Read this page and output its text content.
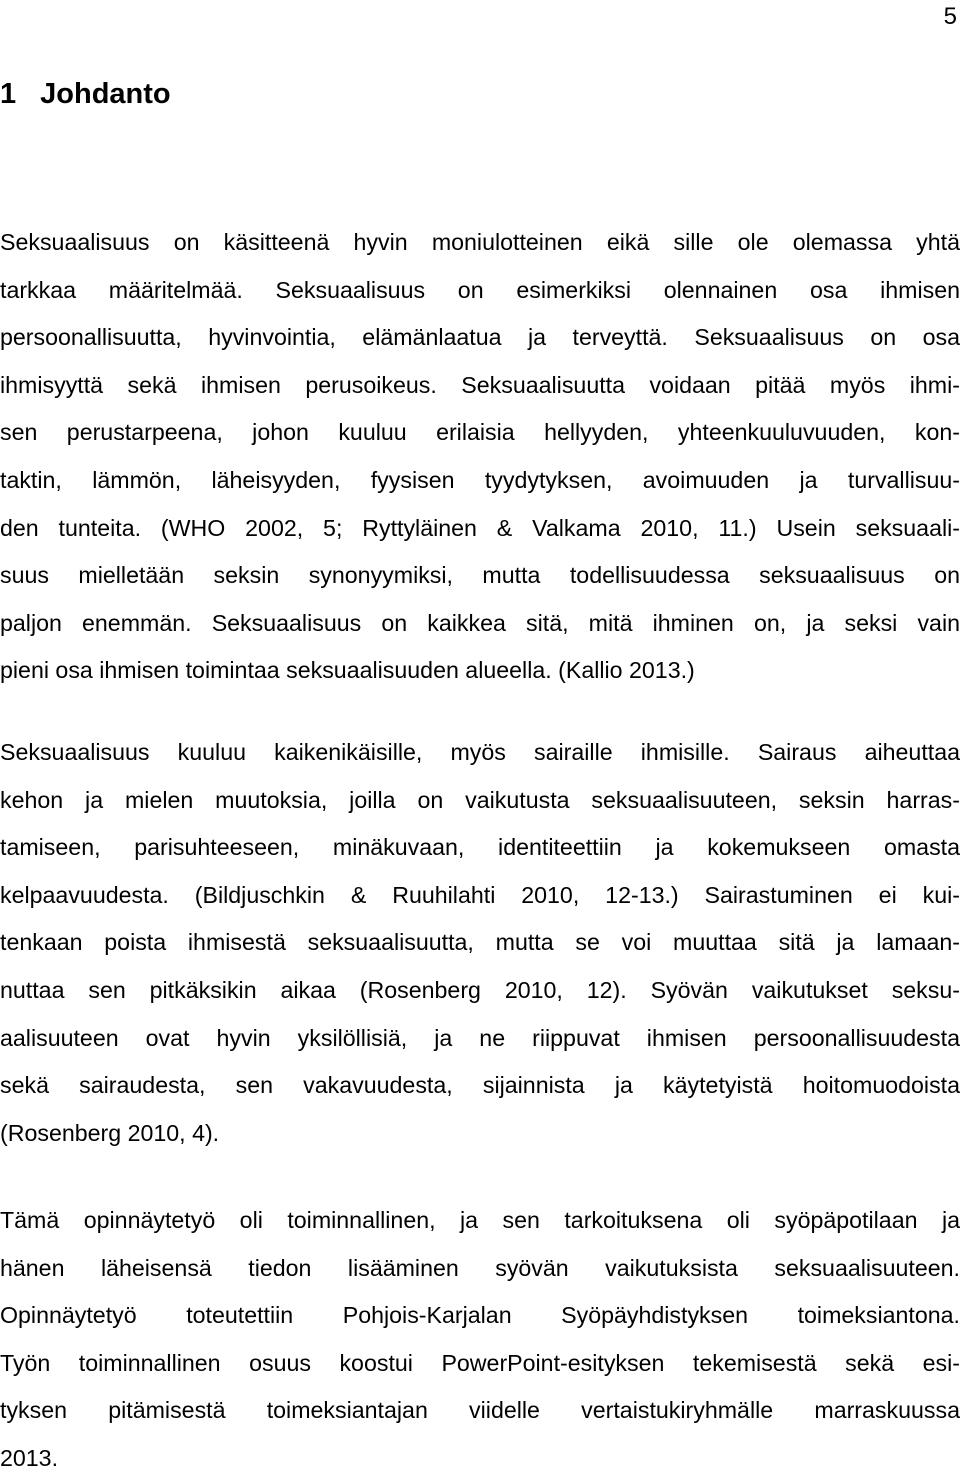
5
1 Johdanto
Seksuaalisuus on käsitteenä hyvin moniulotteinen eikä sille ole olemassa yhtä
tarkkaa määritelmää. Seksuaalisuus on esimerkiksi olennainen osa ihmisen
persoonallisuutta, hyvinvointia, elämänlaatua ja terveyttä. Seksuaalisuus on osa
ihmisyyttä sekä ihmisen perusoikeus. Seksuaalisuutta voidaan pitää myös ihmi-
sen perustarpeena, johon kuuluu erilaisia hellyyden, yhteenkuuluvuuden, kon-
taktin, lämmön, läheisyyden, fyysisen tyydytyksen, avoimuuden ja turvallisuu-
den tunteita. (WHO 2002, 5; Ryttyläinen & Valkama 2010, 11.) Usein seksuaali-
suus mielletään seksin synonyymiksi, mutta todellisuudessa seksuaalisuus on
paljon enemmän. Seksuaalisuus on kaikkea sitä, mitä ihminen on, ja seksi vain
pieni osa ihmisen toimintaa seksuaalisuuden alueella. (Kallio 2013.)
Seksuaalisuus kuuluu kaikenikäisille, myös sairaille ihmisille. Sairaus aiheuttaa
kehon ja mielen muutoksia, joilla on vaikutusta seksuaalisuuteen, seksin harras-
tamiseen, parisuhteeseen, minäkuvaan, identiteettiin ja kokemukseen omasta
kelpaavuudesta. (Bildjuschkin & Ruuhilahti 2010, 12-13.) Sairastuminen ei kui-
tenkaan poista ihmisestä seksuaalisuutta, mutta se voi muuttaa sitä ja lamaan-
nuttaa sen pitkäksikin aikaa (Rosenberg 2010, 12). Syövän vaikutukset seksu-
aalisuuteen ovat hyvin yksilöllisiä, ja ne riippuvat ihmisen persoonallisuudesta
sekä sairaudesta, sen vakavuudesta, sijainnista ja käytetyistä hoitomuodoista
(Rosenberg 2010, 4).
Tämä opinnäytetyö oli toiminnallinen, ja sen tarkoituksena oli syöpäpotilaan ja
hänen läheisensä tiedon lisääminen syövän vaikutuksista seksuaalisuuteen.
Opinnäytetyö toteutettiin Pohjois-Karjalan Syöpäyhdistyksen toimeksiantona.
Työn toiminnallinen osuus koostui PowerPoint-esityksen tekemisestä sekä esi-
tyksen pitämisestä toimeksiantajan viidelle vertaistukiryhmälle marraskuussa
2013.
